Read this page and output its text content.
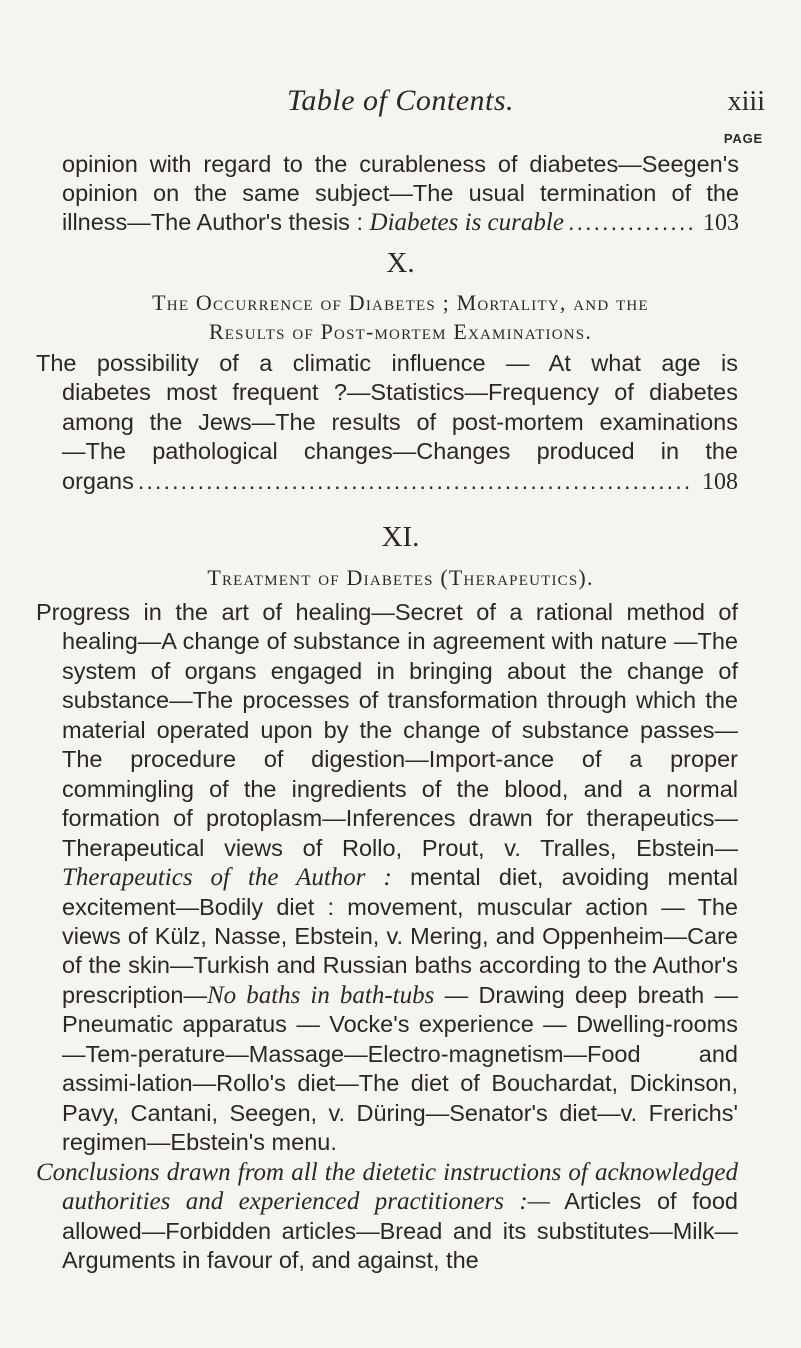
Table of Contents.	xiii
PAGE
opinion with regard to the curableness of diabetes—Seegen's
opinion on the same subject—The usual termination of the
illness—The Author's thesis : Diabetes is curable .....	103
X.
The Occurrence of Diabetes ; Mortality, and the
Results of Post-mortem Examinations.

The possibility of a climatic influence — At what age is
diabetes most frequent ?—Statistics—Frequency of diabetes
among the Jews—The results of post-mortem examinations
—The pathological changes—Changes produced in the
organs .....	108

XI.
Treatment of Diabetes (Therapeutics).

Progress in the art of healing—Secret of a rational method of healing—A change of substance in agreement with nature —The system of organs engaged in bringing about the change of substance—The processes of transformation through which the material operated upon by the change of substance passes—The procedure of digestion—Import-ance of a proper commingling of the ingredients of the blood, and a normal formation of protoplasm—Inferences drawn for therapeutics—Therapeutical views of Rollo, Prout, v. Tralles, Ebstein—Therapeutics of the Author : mental diet, avoiding mental excitement—Bodily diet : movement, muscular action — The views of Külz, Nasse, Ebstein, v. Mering, and Oppenheim—Care of the skin—Turkish and Russian baths according to the Author's prescription—No baths in bath-tubs — Drawing deep breath — Pneumatic apparatus — Vocke's experience — Dwelling-rooms—Tem-perature—Massage—Electro-magnetism—Food and assimi-lation—Rollo's diet—The diet of Bouchardat, Dickinson, Pavy, Cantani, Seegen, v. Düring—Senator's diet—v. Frerichs' regimen—Ebstein's menu.

Conclusions drawn from all the dietetic instructions of acknowledged authorities and experienced practitioners :— Articles of food allowed—Forbidden articles—Bread and its substitutes—Milk—Arguments in favour of, and against, the
